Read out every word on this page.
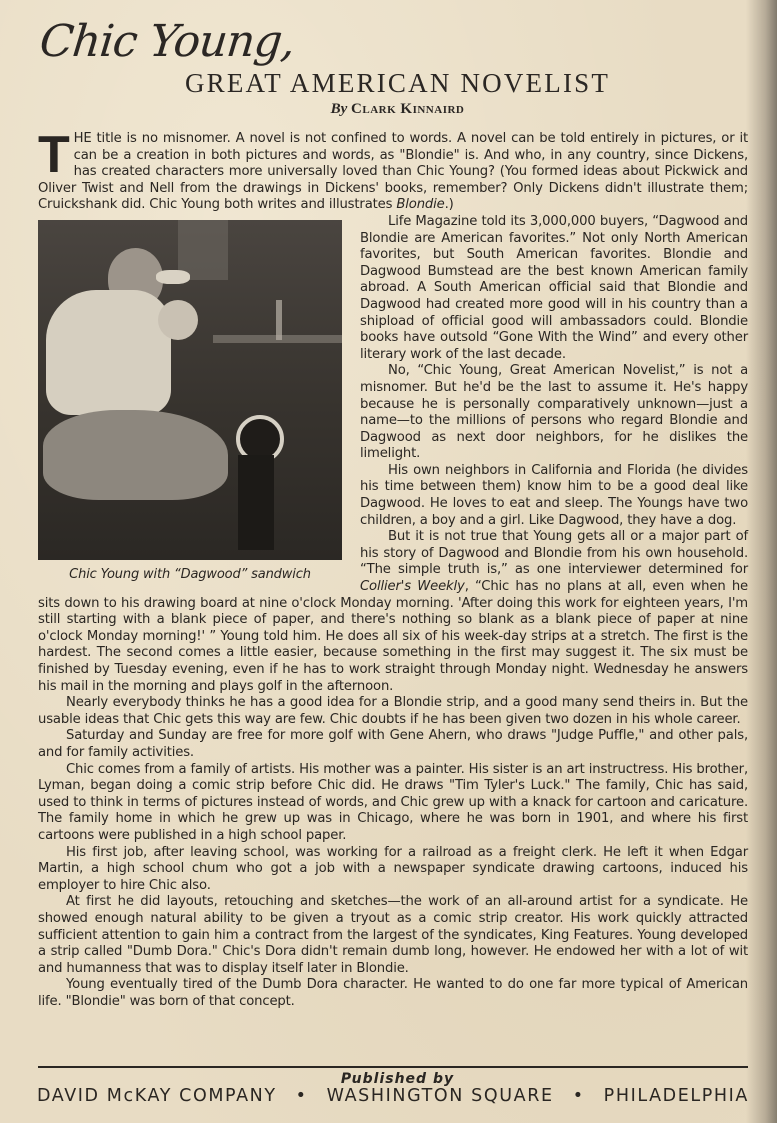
Chic Young,
GREAT AMERICAN NOVELIST
By Clark Kinnaird

THE title is no misnomer. A novel is not confined to words. A novel can be told entirely in pictures, or it can be a creation in both pictures and words, as "Blondie" is. And who, in any country, since Dickens, has created characters more universally loved than Chic Young? (You formed ideas about Pickwick and Oliver Twist and Nell from the drawings in Dickens' books, remember? Only Dickens didn't illustrate them; Cruickshank did. Chic Young both writes and illustrates Blondie.)

Chic Young with “Dagwood” sandwich

Life Magazine told its 3,000,000 buyers, “Dagwood and Blondie are American favorites.” Not only North American favorites, but South American favorites. Blondie and Dagwood Bumstead are the best known American family abroad. A South American official said that Blondie and Dagwood had created more good will in his country than a shipload of official good will ambassadors could. Blondie books have outsold “Gone With the Wind” and every other literary work of the last decade.

No, “Chic Young, Great American Novelist,” is not a misnomer. But he'd be the last to assume it. He's happy because he is personally comparatively unknown—just a name—to the millions of persons who regard Blondie and Dagwood as next door neighbors, for he dislikes the limelight.

His own neighbors in California and Florida (he divides his time between them) know him to be a good deal like Dagwood. He loves to eat and sleep. The Youngs have two children, a boy and a girl. Like Dagwood, they have a dog.

But it is not true that Young gets all or a major part of his story of Dagwood and Blondie from his own household. “The simple truth is,” as one interviewer determined for Collier's Weekly, “Chic has no plans at all, even when he sits down to his drawing board at nine o'clock Monday morning. 'After doing this work for eighteen years, I'm still starting with a blank piece of paper, and there's nothing so blank as a blank piece of paper at nine o'clock Monday morning!' ” Young told him. He does all six of his week-day strips at a stretch. The first is the hardest. The second comes a little easier, because something in the first may suggest it. The six must be finished by Tuesday evening, even if he has to work straight through Monday night. Wednesday he answers his mail in the morning and plays golf in the afternoon.

Nearly everybody thinks he has a good idea for a Blondie strip, and a good many send theirs in. But the usable ideas that Chic gets this way are few. Chic doubts if he has been given two dozen in his whole career.

Saturday and Sunday are free for more golf with Gene Ahern, who draws "Judge Puffle," and other pals, and for family activities.

Chic comes from a family of artists. His mother was a painter. His sister is an art instructress. His brother, Lyman, began doing a comic strip before Chic did. He draws "Tim Tyler's Luck." The family, Chic has said, used to think in terms of pictures instead of words, and Chic grew up with a knack for cartoon and caricature. The family home in which he grew up was in Chicago, where he was born in 1901, and where his first cartoons were published in a high school paper.

His first job, after leaving school, was working for a railroad as a freight clerk. He left it when Edgar Martin, a high school chum who got a job with a newspaper syndicate drawing cartoons, induced his employer to hire Chic also.

At first he did layouts, retouching and sketches—the work of an all-around artist for a syndicate. He showed enough natural ability to be given a tryout as a comic strip creator. His work quickly attracted sufficient attention to gain him a contract from the largest of the syndicates, King Features. Young developed a strip called "Dumb Dora." Chic's Dora didn't remain dumb long, however. He endowed her with a lot of wit and humanness that was to display itself later in Blondie.

Young eventually tired of the Dumb Dora character. He wanted to do one far more typical of American life. "Blondie" was born of that concept.

Published by
DAVID McKAY COMPANY • WASHINGTON SQUARE • PHILADELPHIA
